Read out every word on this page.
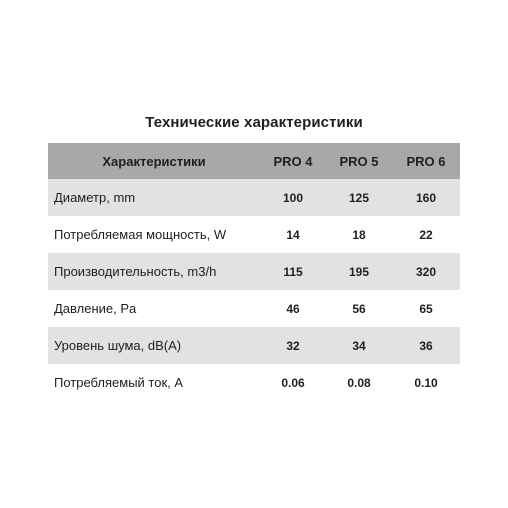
Технические характеристики
Характеристики	PRO 4	PRO 5	PRO 6
Диаметр, mm	100	125	160
Потребляемая мощность, W	14	18	22
Производительность, m3/h	115	195	320
Давление, Pa	46	56	65
Уровень шума, dB(A)	32	34	36
Потребляемый ток, A	0.06	0.08	0.10
